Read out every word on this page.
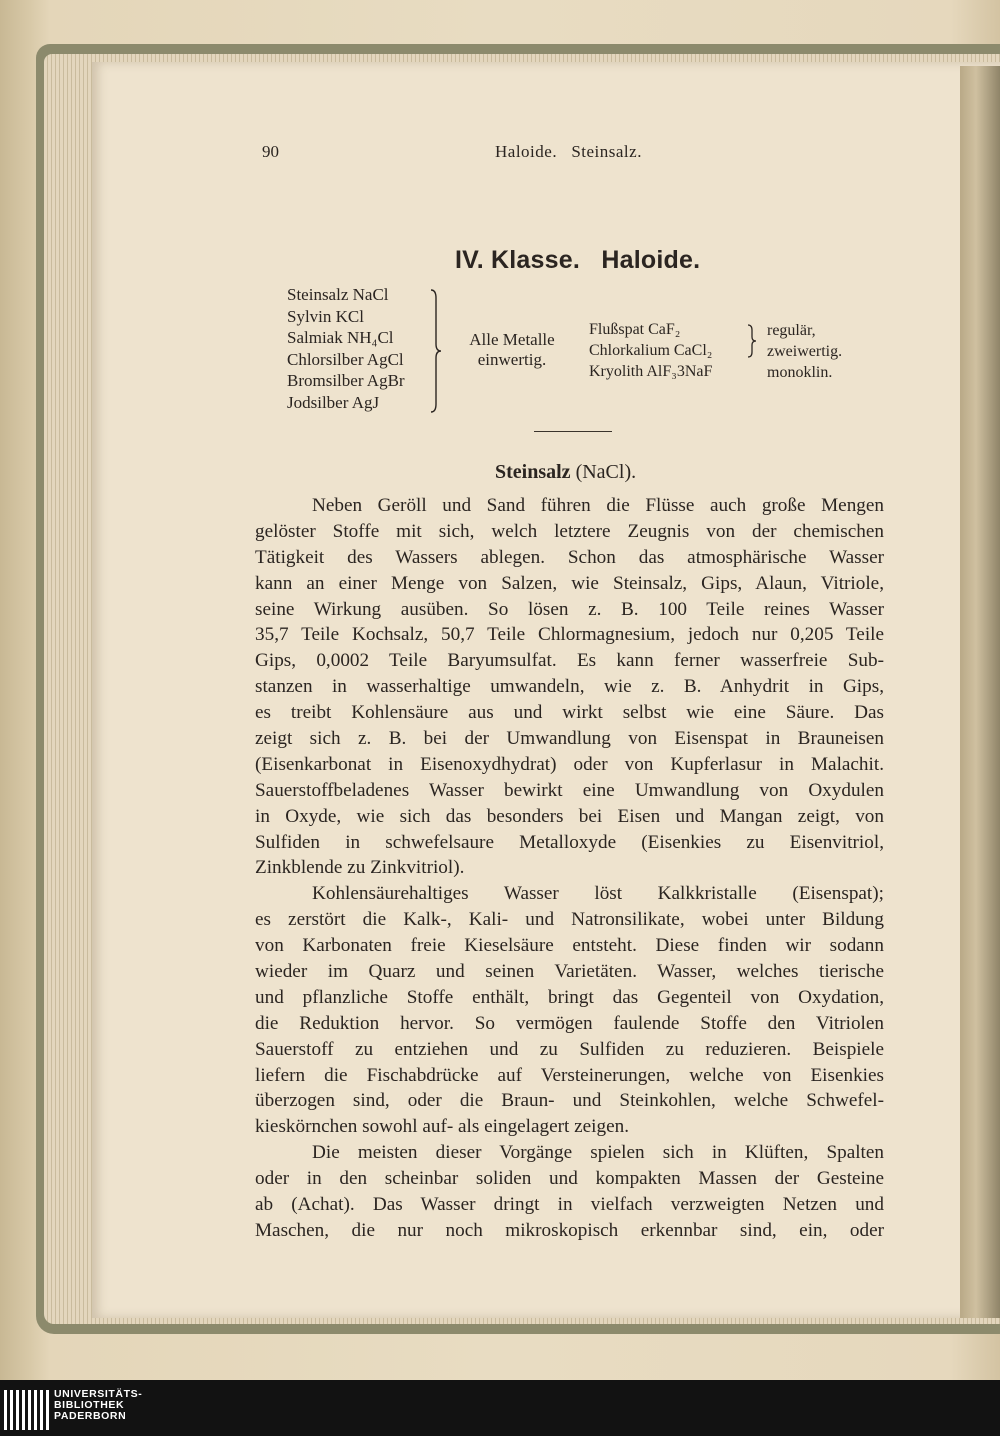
90	Haloide.   Steinsalz.
IV. Klasse.   Haloide.
Steinsalz NaCl
Sylvin KCl
Salmiak NH₄Cl
Chlorsilber AgCl
Bromsilber AgBr
Jodsilber AgJ
Alle Metalle
einwertig.
Flußspat CaF₂
Chlorkalium CaCl₂
Kryolith AlF₃3NaF
regulär,
zweiwertig.
monoklin.
Steinsalz (NaCl).
Neben Geröll und Sand führen die Flüsse auch große Mengen
gelöster Stoffe mit sich, welch letztere Zeugnis von der chemischen
Tätigkeit des Wassers ablegen. Schon das atmosphärische Wasser
kann an einer Menge von Salzen, wie Steinsalz, Gips, Alaun, Vitriole,
seine Wirkung ausüben. So lösen z. B. 100 Teile reines Wasser
35,7 Teile Kochsalz, 50,7 Teile Chlormagnesium, jedoch nur 0,205 Teile
Gips, 0,0002 Teile Baryumsulfat. Es kann ferner wasserfreie Sub-
stanzen in wasserhaltige umwandeln, wie z. B. Anhydrit in Gips,
es treibt Kohlensäure aus und wirkt selbst wie eine Säure. Das
zeigt sich z. B. bei der Umwandlung von Eisenspat in Brauneisen
(Eisenkarbonat in Eisenoxydhydrat) oder von Kupferlasur in Malachit.
Sauerstoffbeladenes Wasser bewirkt eine Umwandlung von Oxydulen
in Oxyde, wie sich das besonders bei Eisen und Mangan zeigt, von
Sulfiden in schwefelsaure Metalloxyde (Eisenkies zu Eisenvitriol,
Zinkblende zu Zinkvitriol).
Kohlensäurehaltiges Wasser löst Kalkkristalle (Eisenspat);
es zerstört die Kalk-, Kali- und Natronsilikate, wobei unter Bildung
von Karbonaten freie Kieselsäure entsteht. Diese finden wir sodann
wieder im Quarz und seinen Varietäten. Wasser, welches tierische
und pflanzliche Stoffe enthält, bringt das Gegenteil von Oxydation,
die Reduktion hervor. So vermögen faulende Stoffe den Vitriolen
Sauerstoff zu entziehen und zu Sulfiden zu reduzieren. Beispiele
liefern die Fischabdrücke auf Versteinerungen, welche von Eisenkies
überzogen sind, oder die Braun- und Steinkohlen, welche Schwefel-
kieskörnchen sowohl auf- als eingelagert zeigen.
Die meisten dieser Vorgänge spielen sich in Klüften, Spalten
oder in den scheinbar soliden und kompakten Massen der Gesteine
ab (Achat). Das Wasser dringt in vielfach verzweigten Netzen und
Maschen, die nur noch mikroskopisch erkennbar sind, ein, oder
UNIVERSITÄTS-
BIBLIOTHEK
PADERBORN
